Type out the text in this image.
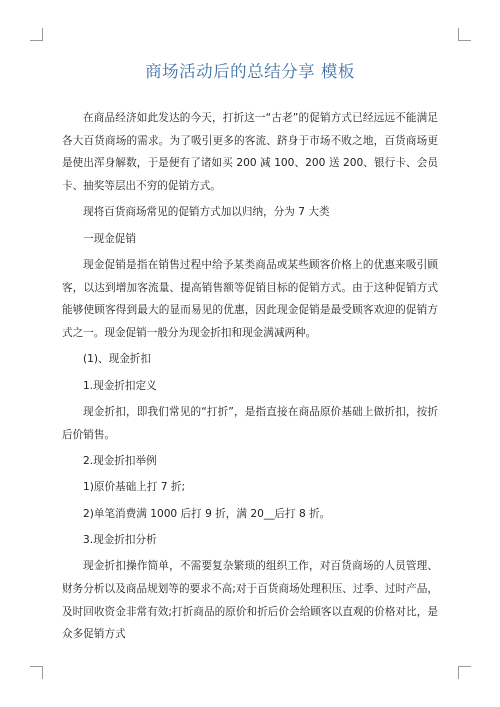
商场活动后的总结分享 模板

在商品经济如此发达的今天，打折这一“古老”的促销方式已经远远不能满足各大百货商场的需求。为了吸引更多的客流、跻身于市场不败之地，百货商场更是使出浑身解数，于是便有了诸如买 200 减 100、200 送 200、银行卡、会员卡、抽奖等层出不穷的促销方式。

现将百货商场常见的促销方式加以归纳，分为 7 大类

一现金促销

现金促销是指在销售过程中给予某类商品或某些顾客价格上的优惠来吸引顾客，以达到增加客流量、提高销售额等促销目标的促销方式。由于这种促销方式能够使顾客得到最大的显而易见的优惠，因此现金促销是最受顾客欢迎的促销方式之一。现金促销一般分为现金折扣和现金满减两种。

(1)、现金折扣

1.现金折扣定义

现金折扣，即我们常见的“打折”，是指直接在商品原价基础上做折扣，按折后价销售。

2.现金折扣举例

1)原价基础上打 7 折;

2)单笔消费满 1000 后打 9 折，满 20__后打 8 折。

3.现金折扣分析

现金折扣操作简单，不需要复杂繁琐的组织工作，对百货商场的人员管理、财务分析以及商品规划等的要求不高;对于百货商场处理积压、过季、过时产品，及时回收资金非常有效;打折商品的原价和折后价会给顾客以直观的价格对比，是众多促销方式
